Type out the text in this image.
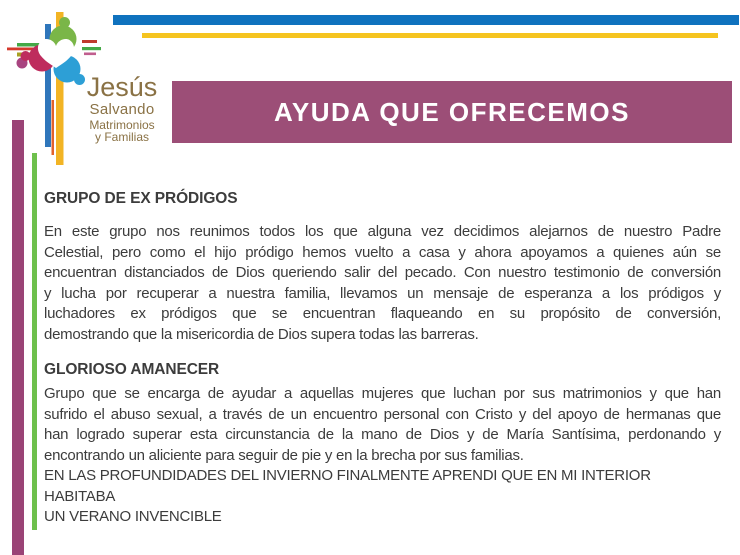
AYUDA QUE OFRECEMOS
Jesús
Salvando
Matrimonios
y Familias
GRUPO DE EX PRÓDIGOS
En este grupo nos reunimos todos los que alguna vez decidimos alejarnos de nuestro Padre
Celestial, pero como el hijo pródigo hemos vuelto a casa y ahora apoyamos a quienes aún se
encuentran distanciados de Dios queriendo salir del pecado. Con nuestro testimonio de conversión
y lucha por recuperar a nuestra familia, llevamos un mensaje de esperanza a los pródigos y
luchadores ex pródigos que se encuentran flaqueando en su propósito de conversión,
demostrando que la misericordia de Dios supera todas las barreras.
GLORIOSO AMANECER
Grupo que se encarga de ayudar a aquellas mujeres que luchan por sus matrimonios y que han
sufrido el abuso sexual, a través de un encuentro personal con Cristo y del apoyo de hermanas que
han logrado superar esta circunstancia de la mano de Dios y de María Santísima, perdonando y
encontrando un aliciente para seguir de pie y en la brecha por sus familias.
EN LAS PROFUNDIDADES DEL INVIERNO FINALMENTE APRENDI QUE EN MI INTERIOR HABITABA
UN VERANO INVENCIBLE
